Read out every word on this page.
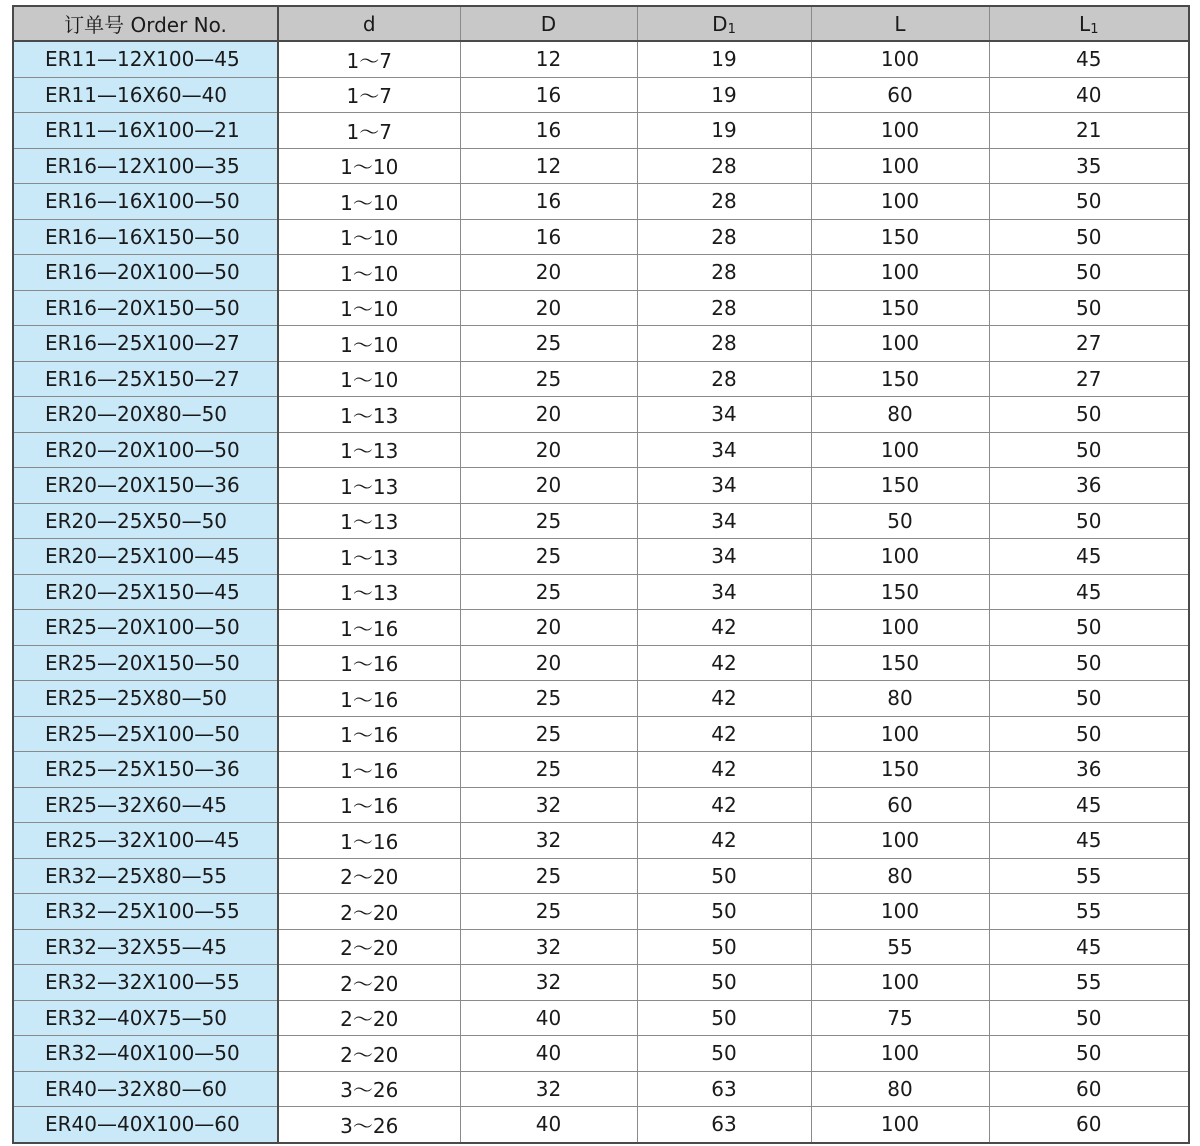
订单号 Order No.	d	D	$D_1$	L	$L_1$
ER11—12X100—45	1～7	12	19	100	45
ER11—16X60—40	1～7	16	19	60	40
ER11—16X100—21	1～7	16	19	100	21
ER16—12X100—35	1～10	12	28	100	35
ER16—16X100—50	1～10	16	28	100	50
ER16—16X150—50	1～10	16	28	150	50
ER16—20X100—50	1～10	20	28	100	50
ER16—20X150—50	1～10	20	28	150	50
ER16—25X100—27	1～10	25	28	100	27
ER16—25X150—27	1～10	25	28	150	27
ER20—20X80—50	1～13	20	34	80	50
ER20—20X100—50	1～13	20	34	100	50
ER20—20X150—36	1～13	20	34	150	36
ER20—25X50—50	1～13	25	34	50	50
ER20—25X100—45	1～13	25	34	100	45
ER20—25X150—45	1～13	25	34	150	45
ER25—20X100—50	1～16	20	42	100	50
ER25—20X150—50	1～16	20	42	150	50
ER25—25X80—50	1～16	25	42	80	50
ER25—25X100—50	1～16	25	42	100	50
ER25—25X150—36	1～16	25	42	150	36
ER25—32X60—45	1～16	32	42	60	45
ER25—32X100—45	1～16	32	42	100	45
ER32—25X80—55	2～20	25	50	80	55
ER32—25X100—55	2～20	25	50	100	55
ER32—32X55—45	2～20	32	50	55	45
ER32—32X100—55	2～20	32	50	100	55
ER32—40X75—50	2～20	40	50	75	50
ER32—40X100—50	2～20	40	50	100	50
ER40—32X80—60	3～26	32	63	80	60
ER40—40X100—60	3～26	40	63	100	60
